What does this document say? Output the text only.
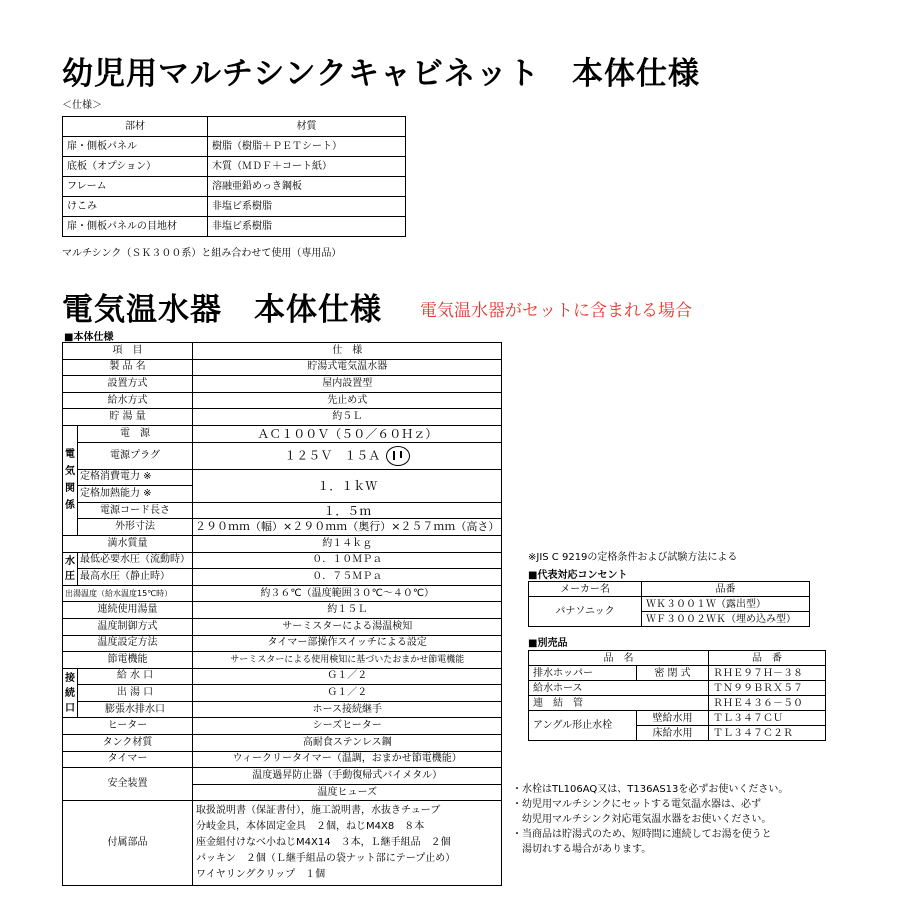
幼児用マルチシンクキャビネット　本体仕様
＜仕様＞
部材	材質
扉・側板パネル	樹脂（樹脂＋ＰＥＴシート）
底板（オプション）	木質（ＭＤＦ＋コート紙）
フレーム	溶融亜鉛めっき鋼板
けこみ	非塩ビ系樹脂
扉・側板パネルの目地材	非塩ビ系樹脂
マルチシンク（ＳＫ３００系）と組み合わせて使用（専用品）
電気温水器　本体仕様 電気温水器がセットに含まれる場合
■本体仕様
項　目		仕　様
製 品 名		貯湯式電気温水器
設置方式		屋内設置型
給水方式		先止め式
貯 湯 量		約５Ｌ
電気関係	電　源	ＡＣ１００Ｖ（５０／６０Ｈｚ）
	電源プラグ	１２５Ｖ　１５Ａ

	定格消費電力 ※	１．１ｋＷ
	定格加熱能力 ※	
	電源コード長さ	１．５ｍ
	外形寸法	２９０ｍｍ（幅）×２９０ｍｍ（奥行）×２５７ｍｍ（高さ）
満水質量		約１４ｋｇ
水圧	最低必要水圧（流動時）	０．１０ＭＰａ
	最高水圧（静止時）	０．７５ＭＰａ
出湯温度（給水温度15℃時）		約３６℃（温度範囲３０℃～４０℃）
連続使用湯量		約１５Ｌ
温度制御方式		サーミスターによる湯温検知
温度設定方法		タイマー部操作スイッチによる設定
節電機能		サーミスターによる使用検知に基づいたおまかせ節電機能
接続口	給 水 口	Ｇ１／２
	出 湯 口	Ｇ１／２
	膨張水排水口	ホース接続継手
ヒーター		シーズヒーター
タンク材質		高耐食ステンレス鋼
タイマー		ウィークリータイマー（温調，おまかせ節電機能）
安全装置		温度過昇防止器（手動復帰式バイメタル）
		温度ヒューズ
付属部品		取扱説明書（保証書付），施工説明書，水抜きチューブ
分岐金具，本体固定金具　２個，ねじM4X8　８本
座金組付けなべ小ねじM4X14　３本，Ｌ継手組品　２個
パッキン　２個（Ｌ継手組品の袋ナット部にテープ止め）
ワイヤリングクリップ　１個
※JIS C 9219の定格条件および試験方法による
■代表対応コンセント
メーカー名	品番
パナソニック	ＷＫ３００１Ｗ（露出型）
	ＷＦ３００２ＷＫ（埋め込み型）
■別売品
品　名		品　番
排水ホッパー	密 閉 式	ＲＨＥ９７Ｈ－３８
給水ホース		ＴＮ９９ＢＲＸ５７
連　結　管		ＲＨＥ４３６－５０
アングル形止水栓	壁給水用	ＴＬ３４７ＣＵ
	床給水用	ＴＬ３４７Ｃ２Ｒ
・水栓はTL106AQ又は、T136AS13を必ずお使いください。
・幼児用マルチシンクにセットする電気温水器は、必ず
　幼児用マルチシンク対応電気温水器をお使いください。
・当商品は貯湯式のため、短時間に連続してお湯を使うと
　湯切れする場合があります。
